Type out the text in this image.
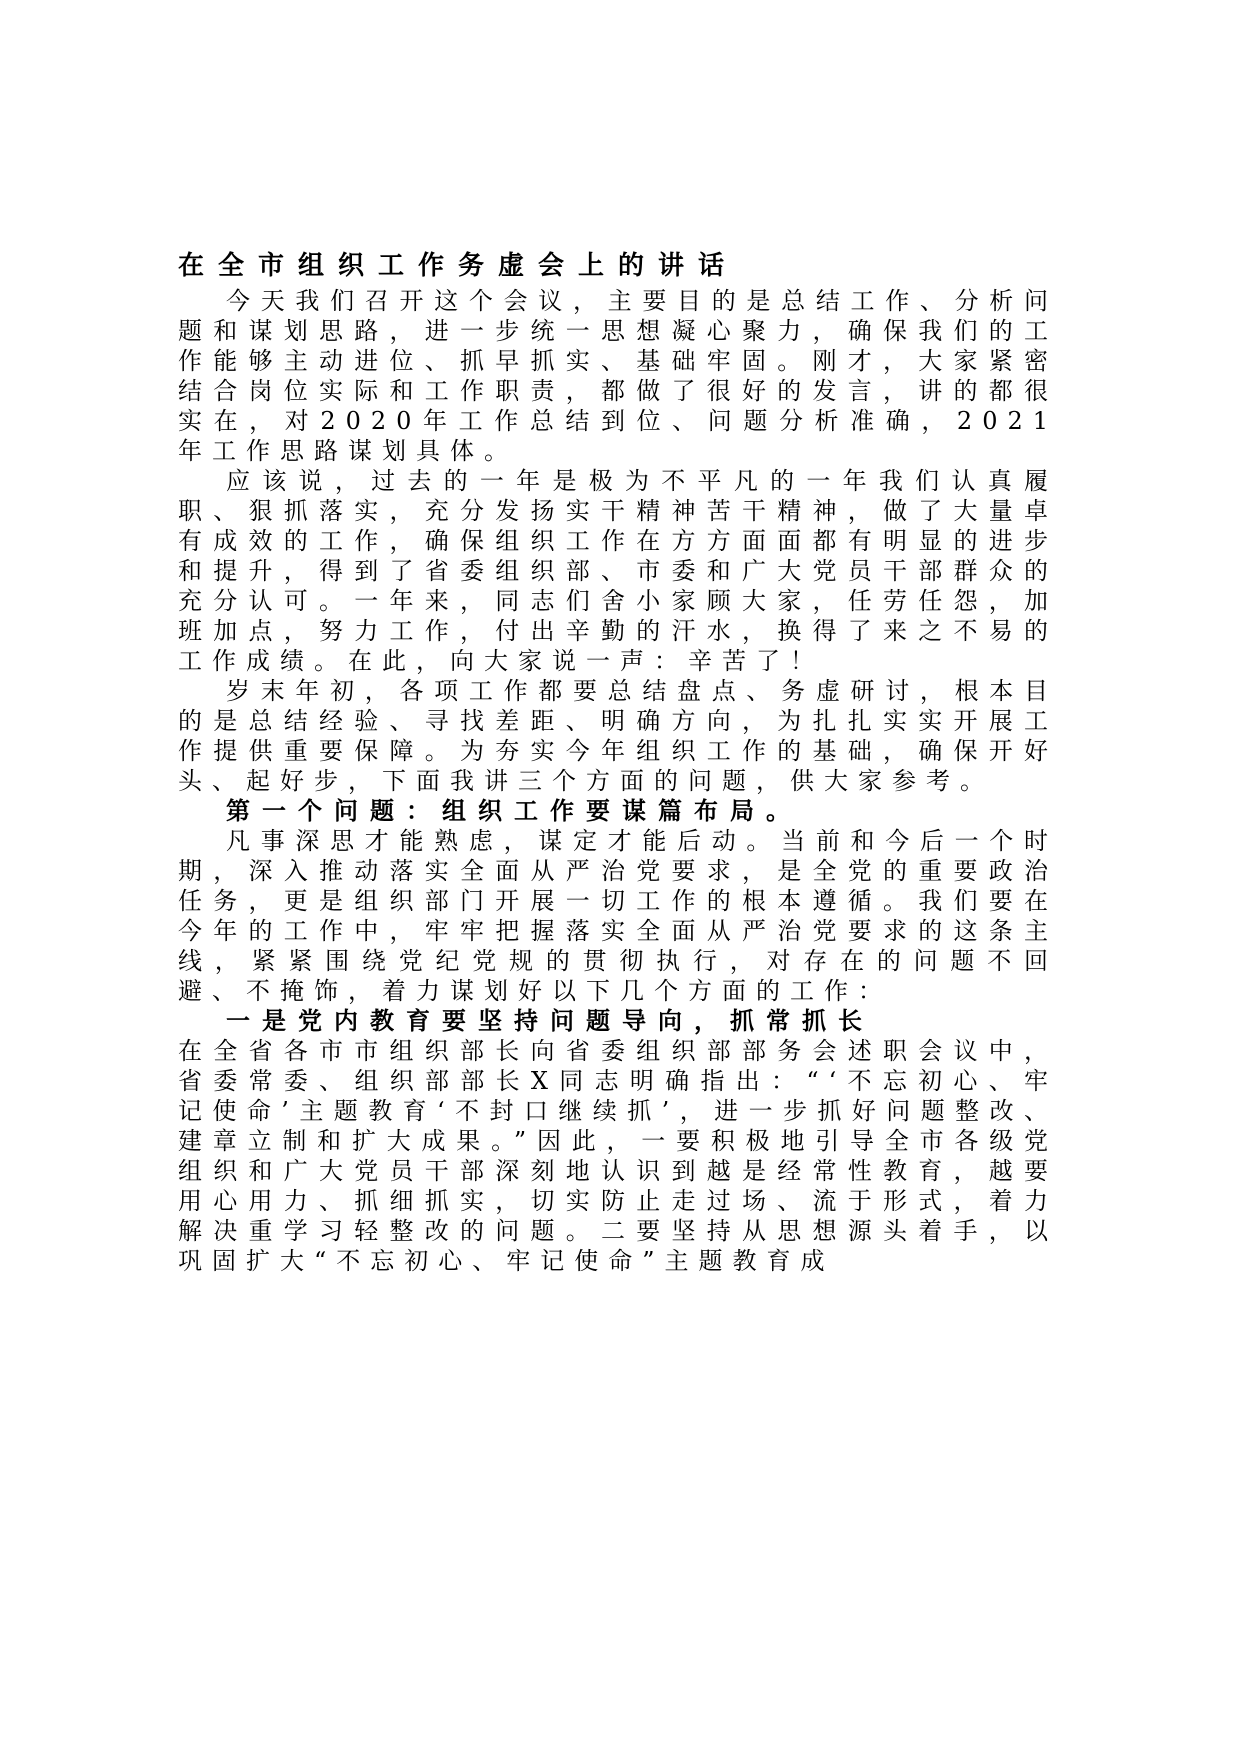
在全市组织工作务虚会上的讲话

今天我们召开这个会议，主要目的是总结工作、分析问题和谋划思路，进一步统一思想凝心聚力，确保我们的工作能够主动进位、抓早抓实、基础牢固。刚才，大家紧密结合岗位实际和工作职责，都做了很好的发言，讲的都很实在，对2020年工作总结到位、问题分析准确，2021年工作思路谋划具体。

应该说，过去的一年是极为不平凡的一年我们认真履职、狠抓落实，充分发扬实干精神苦干精神，做了大量卓有成效的工作，确保组织工作在方方面面都有明显的进步和提升，得到了省委组织部、市委和广大党员干部群众的充分认可。一年来，同志们舍小家顾大家，任劳任怨，加班加点，努力工作，付出辛勤的汗水，换得了来之不易的工作成绩。在此，向大家说一声：辛苦了！

岁末年初，各项工作都要总结盘点、务虚研讨，根本目的是总结经验、寻找差距、明确方向，为扎扎实实开展工作提供重要保障。为夯实今年组织工作的基础，确保开好头、起好步，下面我讲三个方面的问题，供大家参考。

第一个问题：组织工作要谋篇布局。

凡事深思才能熟虑，谋定才能后动。当前和今后一个时期，深入推动落实全面从严治党要求，是全党的重要政治任务，更是组织部门开展一切工作的根本遵循。我们要在今年的工作中，牢牢把握落实全面从严治党要求的这条主线，紧紧围绕党纪党规的贯彻执行，对存在的问题不回避、不掩饰，着力谋划好以下几个方面的工作：

一是党内教育要坚持问题导向，抓常抓长

在全省各市市组织部长向省委组织部部务会述职会议中，省委常委、组织部部长X同志明确指出：“‘不忘初心、牢记使命’主题教育‘不封口继续抓’，进一步抓好问题整改、建章立制和扩大成果。”因此，一要积极地引导全市各级党组织和广大党员干部深刻地认识到越是经常性教育，越要用心用力、抓细抓实，切实防止走过场、流于形式，着力解决重学习轻整改的问题。二要坚持从思想源头着手，以巩固扩大“不忘初心、牢记使命”主题教育成
